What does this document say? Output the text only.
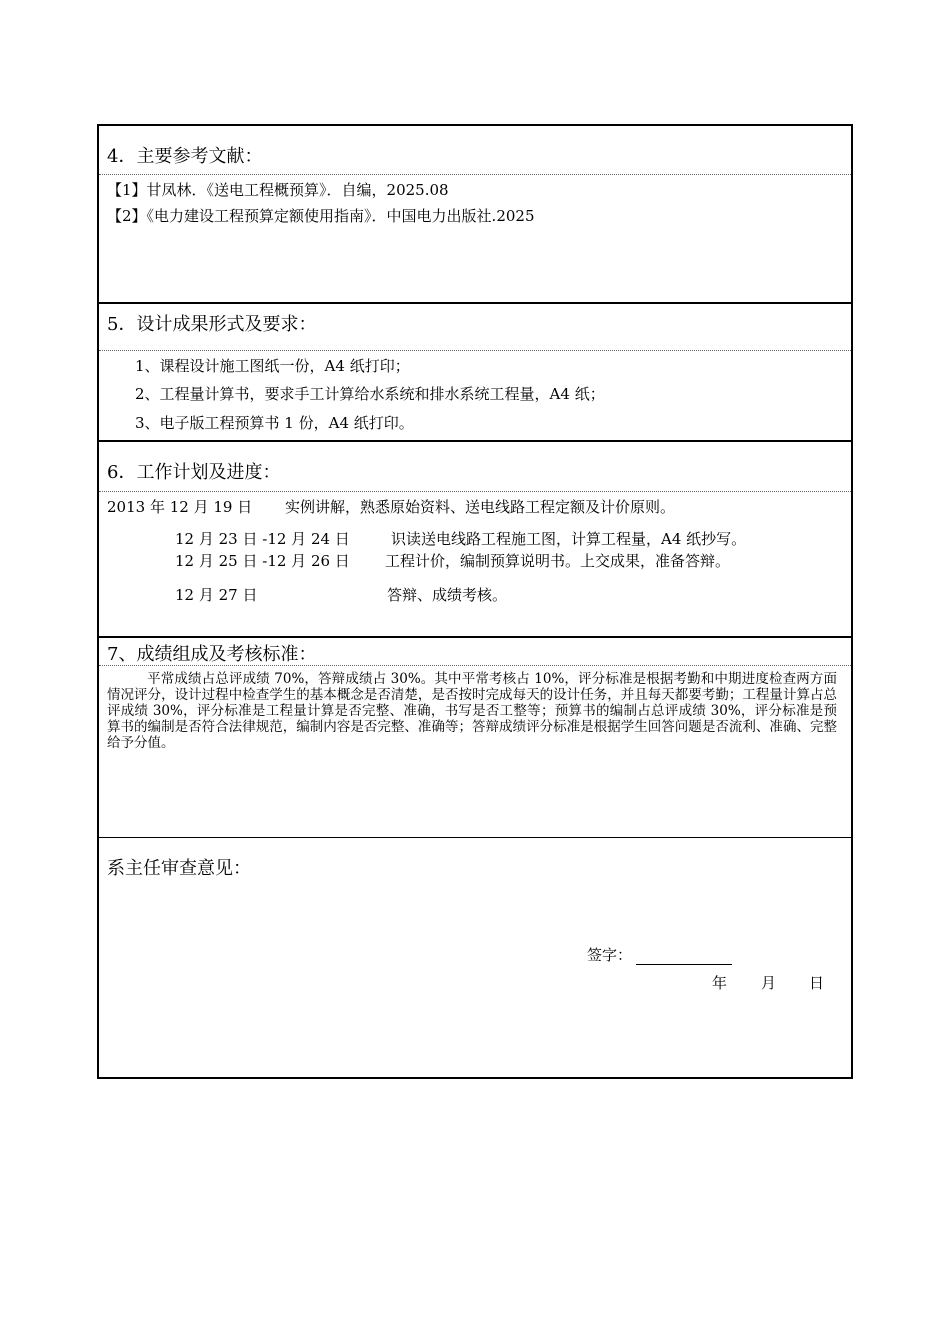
4．主要参考文献：
【1】甘凤林．《送电工程概预算》．自编，2025.08
【2】《电力建设工程预算定额使用指南》．中国电力出版社.2025
5．设计成果形式及要求：
1、课程设计施工图纸一份，A4 纸打印；
2、工程量计算书，要求手工计算给水系统和排水系统工程量，A4 纸；
3、电子版工程预算书 1 份，A4 纸打印。
6．工作计划及进度：
2013 年 12 月 19 日 实例讲解，熟悉原始资料、送电线路工程定额及计价原则。
12 月 23 日 -12 月 24 日	识读送电线路工程施工图，计算工程量，A4 纸抄写。
12 月 25 日 -12 月 26 日 工程计价，编制预算说明书。上交成果，准备答辩。
12 月 27 日	答辩、成绩考核。
7、成绩组成及考核标准：
平常成绩占总评成绩 70%，答辩成绩占 30%。其中平常考核占 10%，评分标准是根据考勤和中期进度检查两方面情况评分，设计过程中检查学生的基本概念是否清楚，是否按时完成每天的设计任务，并且每天都要考勤；工程量计算占总评成绩 30%，评分标准是工程量计算是否完整、准确，书写是否工整等；预算书的编制占总评成绩 30%，评分标准是预算书的编制是否符合法律规范，编制内容是否完整、准确等；答辩成绩评分标准是根据学生回答问题是否流利、准确、完整给予分值。
系主任审查意见：
签字：
年 月 日
